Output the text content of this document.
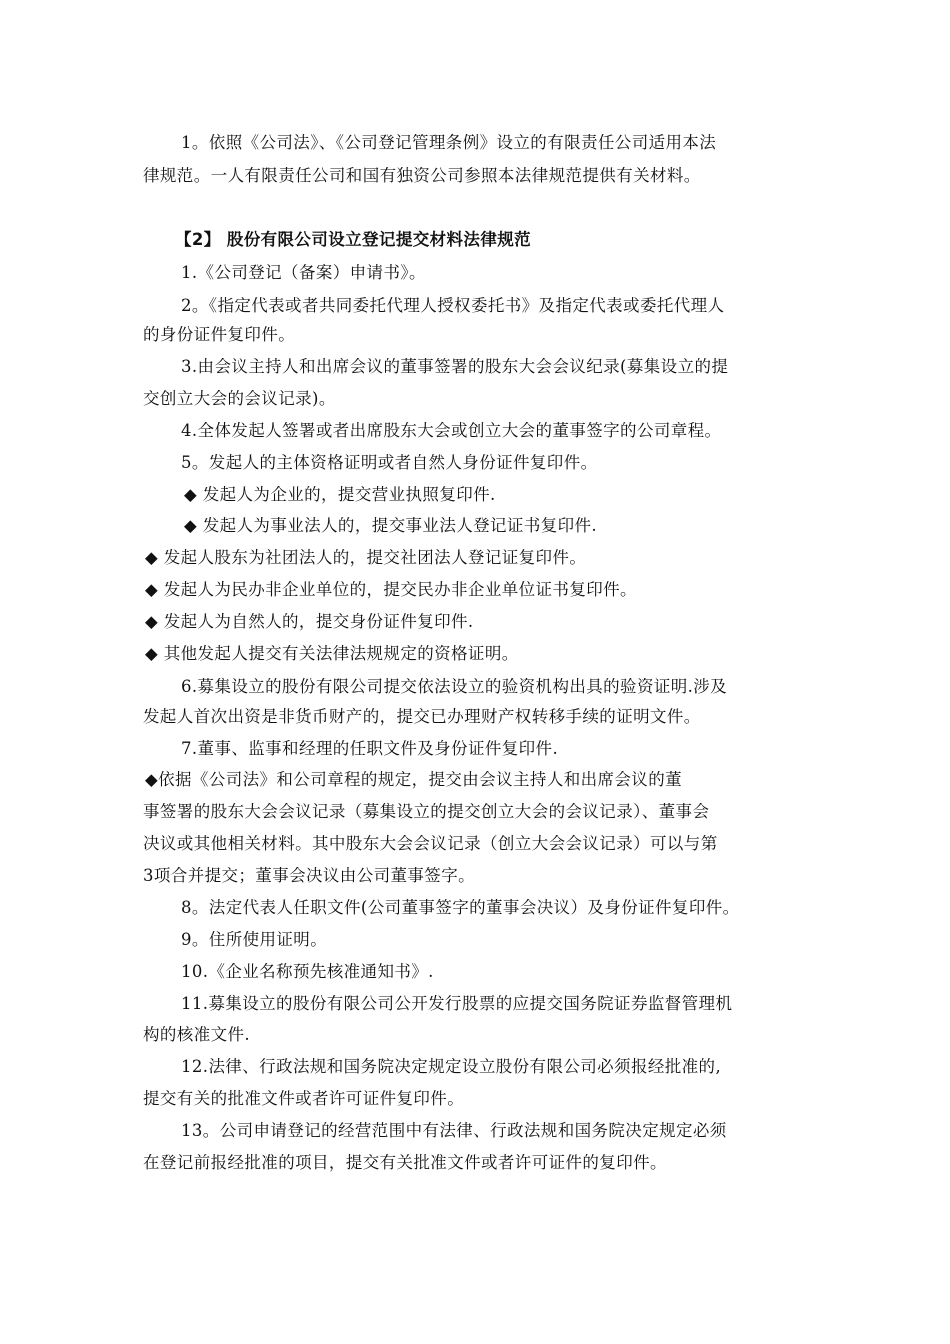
1。依照《公司法》、《公司登记管理条例》设立的有限责任公司适用本法
律规范。一人有限责任公司和国有独资公司参照本法律规范提供有关材料。
【2】 股份有限公司设立登记提交材料法律规范
1.《公司登记（备案）申请书》。
2。《指定代表或者共同委托代理人授权委托书》及指定代表或委托代理人
的身份证件复印件。
3.由会议主持人和出席会议的董事签署的股东大会会议纪录(募集设立的提
交创立大会的会议记录)。
4.全体发起人签署或者出席股东大会或创立大会的董事签字的公司章程。
5。发起人的主体资格证明或者自然人身份证件复印件。
◆ 发起人为企业的，提交营业执照复印件.
◆ 发起人为事业法人的，提交事业法人登记证书复印件.
◆ 发起人股东为社团法人的，提交社团法人登记证复印件。
◆ 发起人为民办非企业单位的，提交民办非企业单位证书复印件。
◆ 发起人为自然人的，提交身份证件复印件.
◆ 其他发起人提交有关法律法规规定的资格证明。
6.募集设立的股份有限公司提交依法设立的验资机构出具的验资证明.涉及
发起人首次出资是非货币财产的，提交已办理财产权转移手续的证明文件。
7.董事、监事和经理的任职文件及身份证件复印件.
◆依据《公司法》和公司章程的规定，提交由会议主持人和出席会议的董
事签署的股东大会会议记录（募集设立的提交创立大会的会议记录）、董事会
决议或其他相关材料。其中股东大会会议记录（创立大会会议记录）可以与第
3项合并提交；董事会决议由公司董事签字。
8。法定代表人任职文件(公司董事签字的董事会决议）及身份证件复印件。
9。住所使用证明。
10.《企业名称预先核准通知书》.
11.募集设立的股份有限公司公开发行股票的应提交国务院证券监督管理机
构的核准文件.
12.法律、行政法规和国务院决定规定设立股份有限公司必须报经批准的,
提交有关的批准文件或者许可证件复印件。
13。公司申请登记的经营范围中有法律、行政法规和国务院决定规定必须
在登记前报经批准的项目，提交有关批准文件或者许可证件的复印件。
